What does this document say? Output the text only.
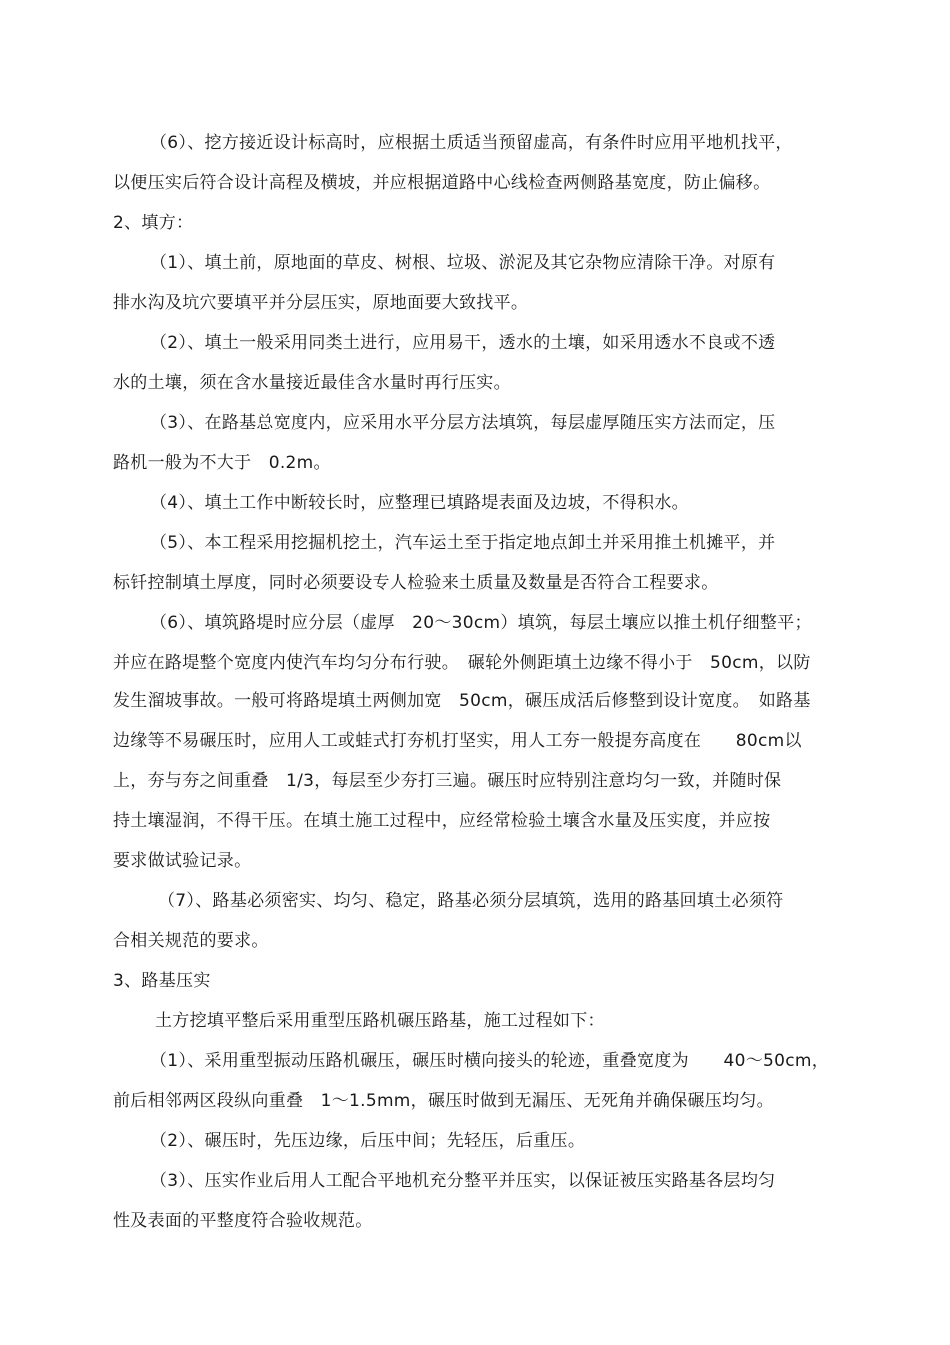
（6）、挖方接近设计标高时，应根据土质适当预留虚高，有条件时应用平地机找平，
以便压实后符合设计高程及横坡，并应根据道路中心线检查两侧路基宽度，防止偏移。
2、填方：
（1）、填土前，原地面的草皮、树根、垃圾、淤泥及其它杂物应清除干净。对原有
排水沟及坑穴要填平并分层压实，原地面要大致找平。
（2）、填土一般采用同类土进行，应用易干，透水的土壤，如采用透水不良或不透
水的土壤，须在含水量接近最佳含水量时再行压实。
（3）、在路基总宽度内，应采用水平分层方法填筑，每层虚厚随压实方法而定，压
路机一般为不大于　0.2m。
（4）、填土工作中断较长时，应整理已填路堤表面及边坡，不得积水。
（5）、本工程采用挖掘机挖土，汽车运土至于指定地点卸土并采用推土机摊平，并
标钎控制填土厚度，同时必须要设专人检验来土质量及数量是否符合工程要求。
（6）、填筑路堤时应分层（虚厚　20～30cm）填筑，每层土壤应以推土机仔细整平；
并应在路堤整个宽度内使汽车均匀分布行驶。　碾轮外侧距填土边缘不得小于　50cm，以防
发生溜坡事故。一般可将路堤填土两侧加宽　50cm，碾压成活后修整到设计宽度。　如路基
边缘等不易碾压时，应用人工或蛙式打夯机打坚实，用人工夯一般提夯高度在　　80cm以
上，夯与夯之间重叠　1/3，每层至少夯打三遍。碾压时应特别注意均匀一致，并随时保
持土壤湿润，不得干压。在填土施工过程中，应经常检验土壤含水量及压实度，并应按
要求做试验记录。
（7）、路基必须密实、均匀、稳定，路基必须分层填筑，选用的路基回填土必须符
合相关规范的要求。
3、路基压实
土方挖填平整后采用重型压路机碾压路基，施工过程如下：
（1）、采用重型振动压路机碾压，碾压时横向接头的轮迹，重叠宽度为　　40～50cm，
前后相邻两区段纵向重叠　1～1.5mm，碾压时做到无漏压、无死角并确保碾压均匀。
（2）、碾压时，先压边缘，后压中间；先轻压，后重压。
（3）、压实作业后用人工配合平地机充分整平并压实，以保证被压实路基各层均匀
性及表面的平整度符合验收规范。
